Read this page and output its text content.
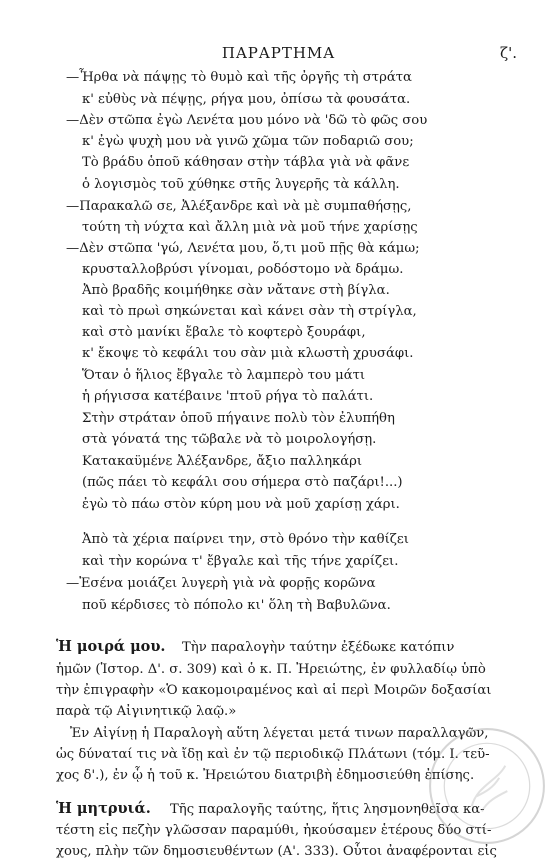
ΠΑΡΑΡΤΗΜΑ	ζ'.
—Ἦρθα νὰ πάψῃς τὸ θυμὸ καὶ τῆς ὀργῆς τὴ στράτα
κ' εὐθὺς νὰ πέψῃς, ρήγα μου, ὀπίσω τὰ φουσάτα.
—Δὲν στῶπα ἐγὼ Λενέτα μου μόνο νὰ 'δῶ τὸ φῶς σου
κ' ἐγὼ ψυχὴ μου νὰ γινῶ χῶμα τῶν ποδαριῶ σου;
Τὸ βράδυ ὁποῦ κάθησαν στὴν τάβλα γιὰ νὰ φᾶνε
ὁ λογισμὸς τοῦ χύθηκε στῆς λυγερῆς τὰ κάλλη.
—Παρακαλῶ σε, Ἀλέξανδρε καὶ νὰ μὲ συμπαθήσῃς,
τούτη τὴ νύχτα καὶ ἄλλη μιὰ νὰ μοῦ τήνε χαρίσῃς
—Δὲν στῶπα 'γώ, Λενέτα μου, ὅ,τι μοῦ πῇς θὰ κάμω;
κρυσταλλοβρύσι γίνομαι, ροδόστομο νὰ δράμω.
Ἀπὸ βραδῆς κοιμήθηκε σὰν νἄτανε στὴ βίγλα.
καὶ τὸ πρωὶ σηκώνεται καὶ κάνει σὰν τὴ στρίγλα,
καὶ στὸ μανίκι ἔβαλε τὸ κοφτερὸ ξουράφι,
κ' ἔκοψε τὸ κεφάλι του σὰν μιὰ κλωστὴ χρυσάφι.
Ὅταν ὁ ἥλιος ἔβγαλε τὸ λαμπερὸ του μάτι
ἡ ρήγισσα κατέβαινε 'πτοῦ ρήγα τὸ παλάτι.
Στὴν στράταν ὁποῦ πήγαινε πολὺ τὸν ἐλυπήθη
στὰ γόνατά της τῶβαλε νὰ τὸ μοιρολογήσῃ.
Κατακαϋμένε Ἀλέξανδρε, ἄξιο παλληκάρι
(πῶς πάει τὸ κεφάλι σου σήμερα στὸ παζάρι!...)
ἐγὼ τὸ πάω στὸν κύρη μου νὰ μοῦ χαρίσῃ χάρι.
Ἀπὸ τὰ χέρια παίρνει την, στὸ θρόνο τὴν καθίζει
καὶ τὴν κορώνα τ' ἔβγαλε καὶ τῆς τήνε χαρίζει.
—Ἐσένα μοιάζει λυγερὴ γιὰ νὰ φορῇς κορῶνα
ποῦ κέρδισες τὸ πόπολο κι' ὅλη τὴ Βαβυλῶνα.
Ἡ μοιρά μου. Τὴν παραλογὴν ταύτην ἐξέδωκε κατόπιν
ἡμῶν (Ἱστορ. Δ'. σ. 309) καὶ ὁ κ. Π. Ἠρειώτης, ἐν φυλλαδίῳ ὑπὸ
τὴν ἐπιγραφὴν «Ὁ κακομοιραμένος καὶ αἱ περὶ Μοιρῶν δοξασίαι
παρὰ τῷ Αἰγινητικῷ λαῷ.»
Ἐν Αἰγίνῃ ἡ Παραλογὴ αὕτη λέγεται μετά τινων παραλλαγῶν,
ὡς δύναταί τις νὰ ἴδῃ καὶ ἐν τῷ περιοδικῷ Πλάτωνι (τόμ. Ι. τεῦ-
χος δ'.), ἐν ᾧ ἡ τοῦ κ. Ἠρειώτου διατριβὴ ἐδημοσιεύθη ἐπίσης.
Ἡ μητρυιά. Τῆς παραλογῆς ταύτης, ἥτις λησμονηθεῖσα κα-
τέστη εἰς πεζὴν γλῶσσαν παραμύθι, ἠκούσαμεν ἑτέρους δύο στί-
χους, πλὴν τῶν δημοσιευθέντων (Α'. 333). Οὗτοι ἀναφέρονται εἰς
